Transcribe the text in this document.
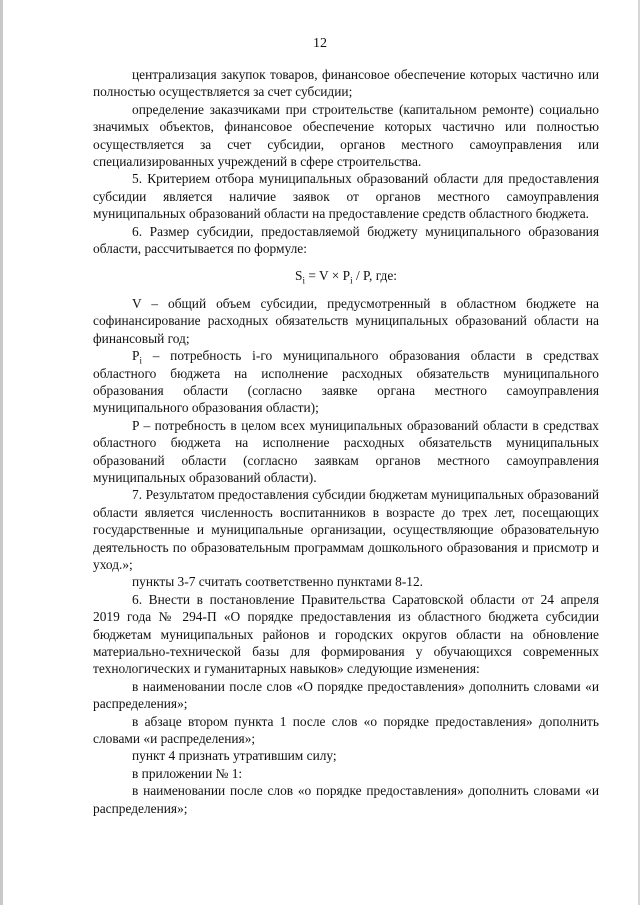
12

централизация закупок товаров, финансовое обеспечение которых частично или полностью осуществляется за счет субсидии;

определение заказчиками при строительстве (капитальном ремонте) социально значимых объектов, финансовое обеспечение которых частично или полностью осуществляется за счет субсидии, органов местного самоуправления или специализированных учреждений в сфере строительства.

5. Критерием отбора муниципальных образований области для предоставления субсидии является наличие заявок от органов местного самоуправления муниципальных образований области на предоставление средств областного бюджета.

6. Размер субсидии, предоставляемой бюджету муниципального образования области, рассчитывается по формуле:

$S_i = V \times P_i / P$, где:

V – общий объем субсидии, предусмотренный в областном бюджете на софинансирование расходных обязательств муниципальных образований области на финансовый год;

$P_i$ – потребность i-го муниципального образования области в средствах областного бюджета на исполнение расходных обязательств муниципального образования области (согласно заявке органа местного самоуправления муниципального образования области);

P – потребность в целом всех муниципальных образований области в средствах областного бюджета на исполнение расходных обязательств муниципальных образований области (согласно заявкам органов местного самоуправления муниципальных образований области).

7. Результатом предоставления субсидии бюджетам муниципальных образований области является численность воспитанников в возрасте до трех лет, посещающих государственные и муниципальные организации, осуществляющие образовательную деятельность по образовательным программам дошкольного образования и присмотр и уход.»;

пункты 3-7 считать соответственно пунктами 8-12.

6. Внести в постановление Правительства Саратовской области от 24 апреля 2019 года № 294-П «О порядке предоставления из областного бюджета субсидии бюджетам муниципальных районов и городских округов области на обновление материально-технической базы для формирования у обучающихся современных технологических и гуманитарных навыков» следующие изменения:

в наименовании после слов «О порядке предоставления» дополнить словами «и распределения»;

в абзаце втором пункта 1 после слов «о порядке предоставления» дополнить словами «и распределения»;

пункт 4 признать утратившим силу;

в приложении № 1:

в наименовании после слов «о порядке предоставления» дополнить словами «и распределения»;
